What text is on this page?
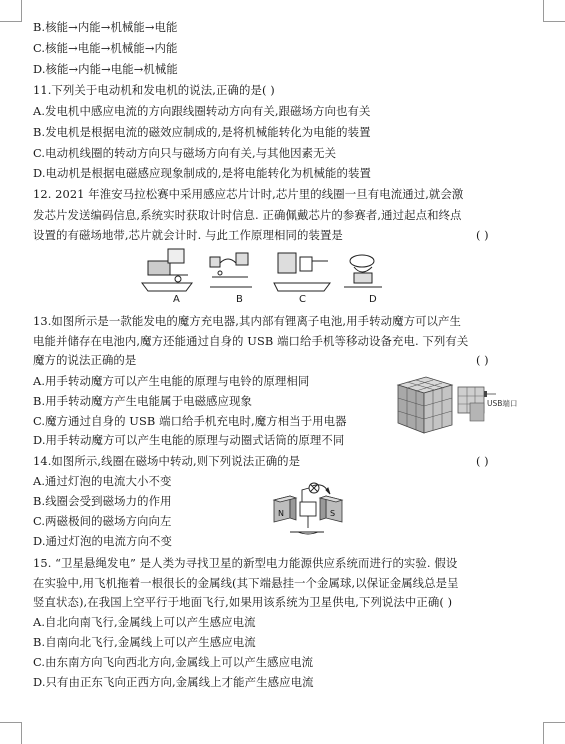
B.核能→内能→机械能→电能
C.核能→电能→机械能→内能
D.核能→内能→电能→机械能
11.下列关于电动机和发电机的说法,正确的是( )
A.发电机中感应电流的方向跟线圈转动方向有关,跟磁场方向也有关
B.发电机是根据电流的磁效应制成的,是将机械能转化为电能的装置
C.电动机线圈的转动方向只与磁场方向有关,与其他因素无关
D.电动机是根据电磁感应现象制成的,是将电能转化为机械能的装置
12. 2021 年淮安马拉松赛中采用感应芯片计时,芯片里的线圈一旦有电流通过,就会激
发芯片发送编码信息,系统实时获取计时信息. 正确佩戴芯片的参赛者,通过起点和终点
设置的有磁场地带,芯片就会计时. 与此工作原理相同的装置是	( )
A	B	C	D
13.如图所示是一款能发电的魔方充电器,其内部有锂离子电池,用手转动魔方可以产生
电能并储存在电池内,魔方还能通过自身的 USB 端口给手机等移动设备充电. 下列有关
魔方的说法正确的是	( )
A.用手转动魔方可以产生电能的原理与电铃的原理相同
B.用手转动魔方产生电能属于电磁感应现象
C.魔方通过自身的 USB 端口给手机充电时,魔方相当于用电器
D.用手转动魔方可以产生电能的原理与动圈式话筒的原理不同
USB端口
14.如图所示,线圈在磁场中转动,则下列说法正确的是	( )
A.通过灯泡的电流大小不变
B.线圈会受到磁场力的作用
C.两磁极间的磁场方向向左
D.通过灯泡的电流方向不变
N	S
15. “卫星悬绳发电” 是人类为寻找卫星的新型电力能源供应系统而进行的实验. 假设
在实验中,用飞机拖着一根很长的金属线(其下端悬挂一个金属球,以保证金属线总是呈
竖直状态),在我国上空平行于地面飞行,如果用该系统为卫星供电,下列说法中正确( )
A.自北向南飞行,金属线上可以产生感应电流
B.自南向北飞行,金属线上可以产生感应电流
C.由东南方向飞向西北方向,金属线上可以产生感应电流
D.只有由正东飞向正西方向,金属线上才能产生感应电流
